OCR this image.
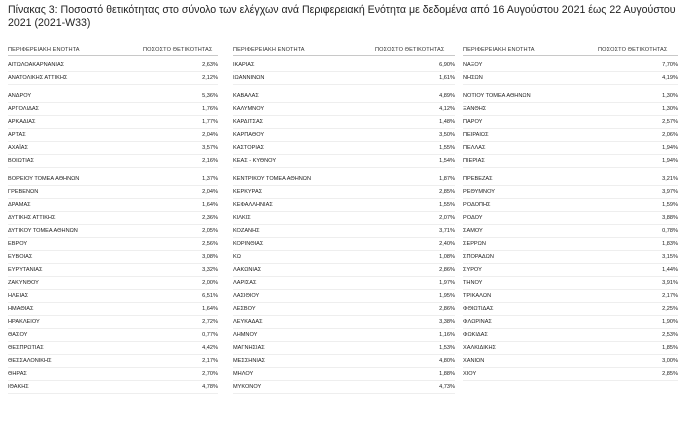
Πίνακας 3: Ποσοστό θετικότητας στο σύνολο των ελέγχων ανά Περιφερειακή Ενότητα με δεδομένα από 16 Αυγούστου 2021 έως 22 Αυγούστου
2021 (2021-W33)
ΠΕΡΙΦΕΡΕΙΑΚΗ ΕΝΟΤΗΤΑ	ΠΟΣΟΣΤΟ ΘΕΤΙΚΟΤΗΤΑΣ
ΑΙΤΩΛΟΑΚΑΡΝΑΝΙΑΣ	2,63%
ΑΝΑΤΟΛΙΚΗΣ ΑΤΤΙΚΗΣ	2,12%
ΑΝΔΡΟΥ	5,36%
ΑΡΓΟΛΙΔΑΣ	1,76%
ΑΡΚΑΔΙΑΣ	1,77%
ΑΡΤΑΣ	2,04%
ΑΧΑΪΑΣ	3,57%
ΒΟΙΩΤΙΑΣ	2,16%
ΒΟΡΕΙΟΥ ΤΟΜΕΑ ΑΘΗΝΩΝ	1,37%
ΓΡΕΒΕΝΩΝ	2,04%
ΔΡΑΜΑΣ	1,64%
ΔΥΤΙΚΗΣ ΑΤΤΙΚΗΣ	2,36%
ΔΥΤΙΚΟΥ ΤΟΜΕΑ ΑΘΗΝΩΝ	2,05%
ΕΒΡΟΥ	2,56%
ΕΥΒΟΙΑΣ	3,08%
ΕΥΡΥΤΑΝΙΑΣ	3,32%
ΖΑΚΥΝΘΟΥ	2,00%
ΗΛΕΙΑΣ	6,51%
ΗΜΑΘΙΑΣ	1,64%
ΗΡΑΚΛΕΙΟΥ	2,72%
ΘΑΣΟΥ	0,77%
ΘΕΣΠΡΩΤΙΑΣ	4,42%
ΘΕΣΣΑΛΟΝΙΚΗΣ	2,17%
ΘΗΡΑΣ	2,70%
ΙΘΑΚΗΣ	4,78%
ΠΕΡΙΦΕΡΕΙΑΚΗ ΕΝΟΤΗΤΑ	ΠΟΣΟΣΤΟ ΘΕΤΙΚΟΤΗΤΑΣ
ΙΚΑΡΙΑΣ	6,90%
ΙΩΑΝΝΙΝΩΝ	1,61%
ΚΑΒΑΛΑΣ	4,89%
ΚΑΛΥΜΝΟΥ	4,12%
ΚΑΡΔΙΤΣΑΣ	1,48%
ΚΑΡΠΑΘΟΥ	3,50%
ΚΑΣΤΟΡΙΑΣ	1,55%
ΚΕΑΣ - ΚΥΘΝΟΥ	1,54%
ΚΕΝΤΡΙΚΟΥ ΤΟΜΕΑ ΑΘΗΝΩΝ	1,87%
ΚΕΡΚΥΡΑΣ	2,85%
ΚΕΦΑΛΛΗΝΙΑΣ	1,55%
ΚΙΛΚΙΣ	2,07%
ΚΟΖΑΝΗΣ	3,71%
ΚΟΡΙΝΘΙΑΣ	2,40%
ΚΩ	1,08%
ΛΑΚΩΝΙΑΣ	2,86%
ΛΑΡΙΣΑΣ	1,97%
ΛΑΣΙΘΙΟΥ	1,95%
ΛΕΣΒΟΥ	2,86%
ΛΕΥΚΑΔΑΣ	3,38%
ΛΗΜΝΟΥ	1,16%
ΜΑΓΝΗΣΙΑΣ	1,53%
ΜΕΣΣΗΝΙΑΣ	4,80%
ΜΗΛΟΥ	1,88%
ΜΥΚΟΝΟΥ	4,73%
ΠΕΡΙΦΕΡΕΙΑΚΗ ΕΝΟΤΗΤΑ	ΠΟΣΟΣΤΟ ΘΕΤΙΚΟΤΗΤΑΣ
ΝΑΞΟΥ	7,70%
ΝΗΣΩΝ	4,19%
ΝΟΤΙΟΥ ΤΟΜΕΑ ΑΘΗΝΩΝ	1,30%
ΞΑΝΘΗΣ	1,30%
ΠΑΡΟΥ	2,57%
ΠΕΙΡΑΙΩΣ	2,06%
ΠΕΛΛΑΣ	1,94%
ΠΙΕΡΙΑΣ	1,94%
ΠΡΕΒΕΖΑΣ	3,21%
ΡΕΘΥΜΝΟΥ	3,97%
ΡΟΔΟΠΗΣ	1,59%
ΡΟΔΟΥ	3,88%
ΣΑΜΟΥ	0,78%
ΣΕΡΡΩΝ	1,83%
ΣΠΟΡΑΔΩΝ	3,15%
ΣΥΡΟΥ	1,44%
ΤΗΝΟΥ	3,91%
ΤΡΙΚΑΛΩΝ	2,17%
ΦΘΙΩΤΙΔΑΣ	2,25%
ΦΛΩΡΙΝΑΣ	1,90%
ΦΩΚΙΔΑΣ	2,53%
ΧΑΛΚΙΔΙΚΗΣ	1,85%
ΧΑΝΙΩΝ	3,00%
ΧΙΟΥ	2,85%
